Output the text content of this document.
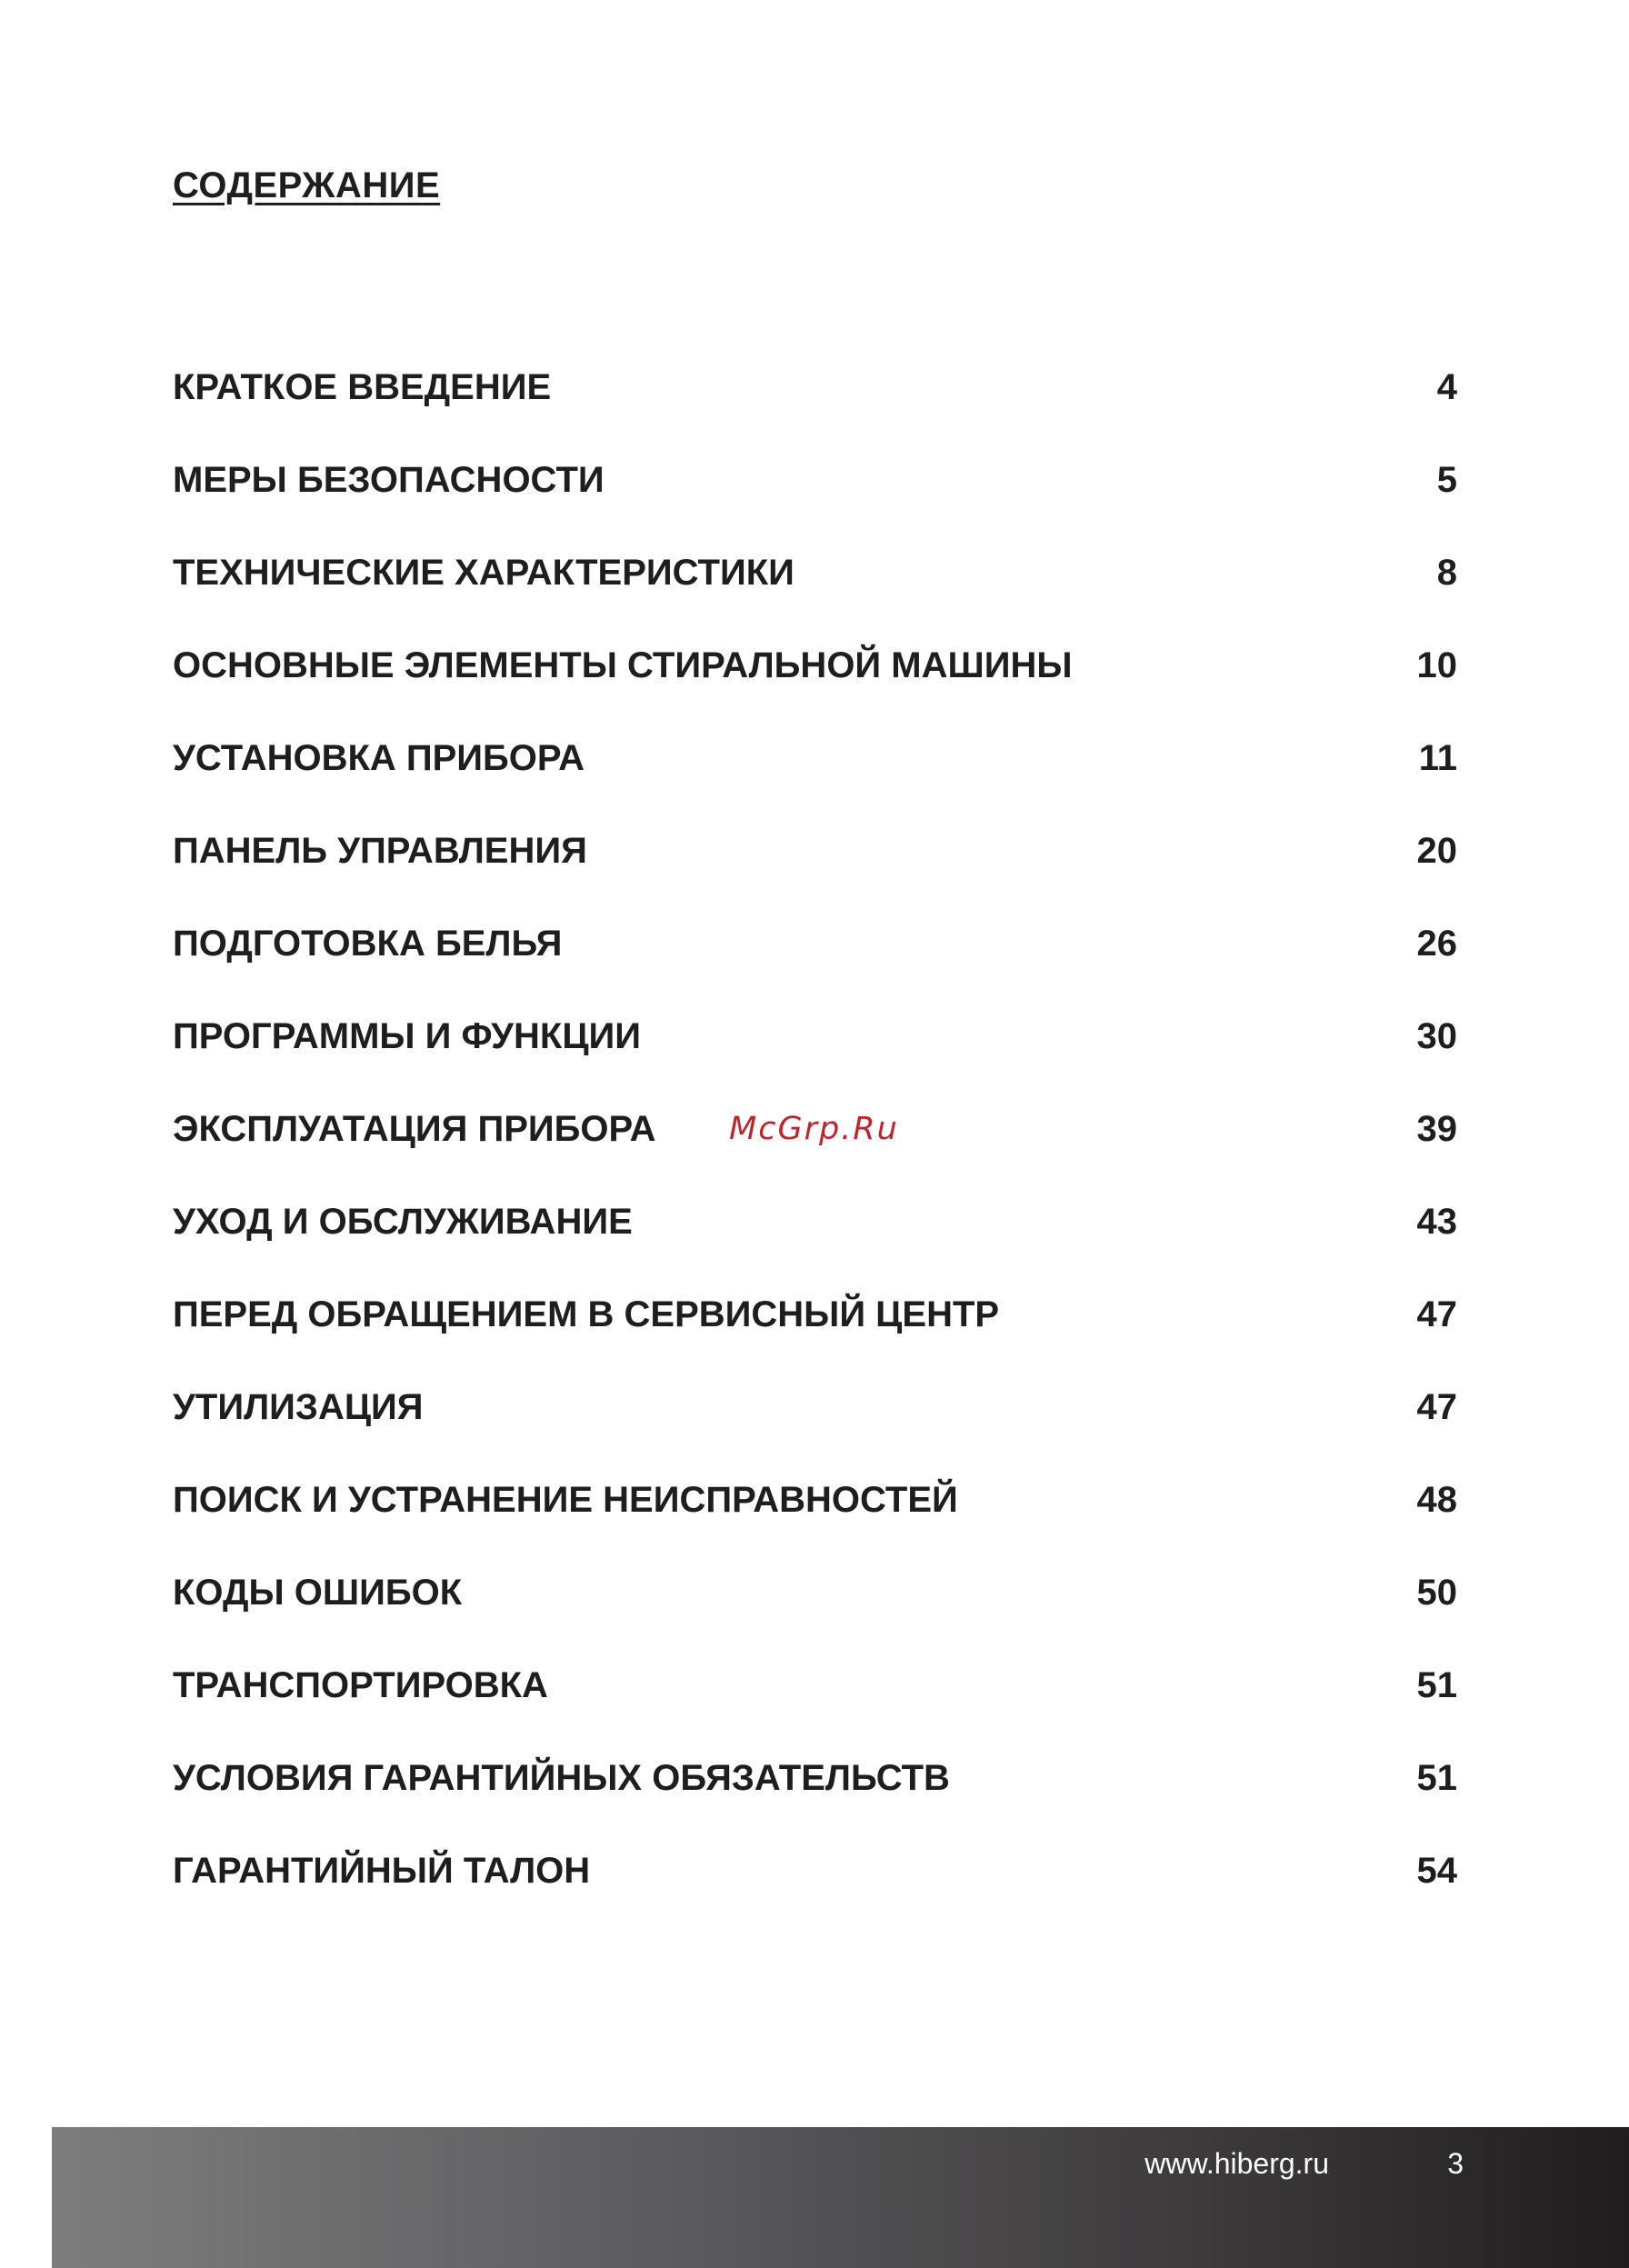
СОДЕРЖАНИЕ
КРАТКОЕ ВВЕДЕНИЕ	4
МЕРЫ БЕЗОПАСНОСТИ	5
ТЕХНИЧЕСКИЕ ХАРАКТЕРИСТИКИ	8
ОСНОВНЫЕ ЭЛЕМЕНТЫ СТИРАЛЬНОЙ МАШИНЫ	10
УСТАНОВКА ПРИБОРА	11
ПАНЕЛЬ УПРАВЛЕНИЯ	20
ПОДГОТОВКА БЕЛЬЯ	26
ПРОГРАММЫ И ФУНКЦИИ	30
ЭКСПЛУАТАЦИЯ ПРИБОРА	39
УХОД И ОБСЛУЖИВАНИЕ	43
ПЕРЕД ОБРАЩЕНИЕМ В СЕРВИСНЫЙ ЦЕНТР	47
УТИЛИЗАЦИЯ	47
ПОИСК И УСТРАНЕНИЕ НЕИСПРАВНОСТЕЙ	48
КОДЫ ОШИБОК	50
ТРАНСПОРТИРОВКА	51
УСЛОВИЯ ГАРАНТИЙНЫХ ОБЯЗАТЕЛЬСТВ	51
ГАРАНТИЙНЫЙ ТАЛОН	54
McGrp.Ru
www.hiberg.ru	3
